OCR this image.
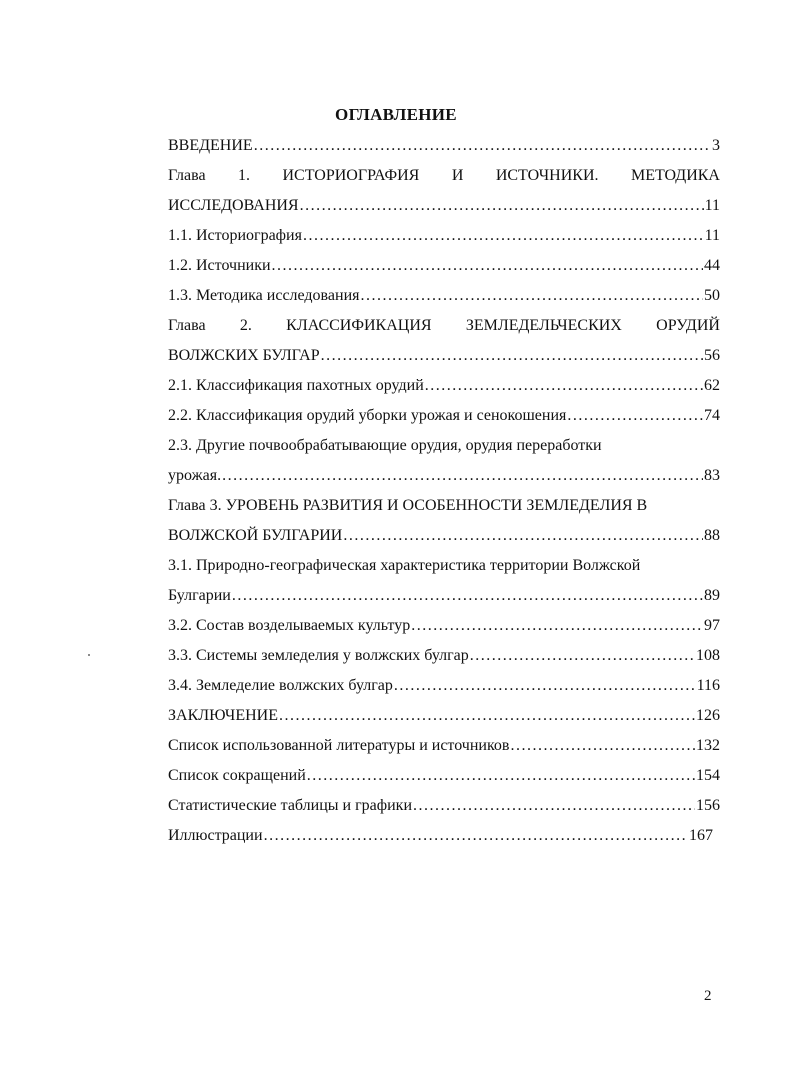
ОГЛАВЛЕНИЕ
ВВЕДЕНИЕ .....	3
Глава 1. ИСТОРИОГРАФИЯ И ИСТОЧНИКИ. МЕТОДИКА
ИССЛЕДОВАНИЯ .....	11
1.1. Историография .....	11
1.2. Источники .....	44
1.3. Методика исследования .....	50
Глава 2. КЛАССИФИКАЦИЯ ЗЕМЛЕДЕЛЬЧЕСКИХ ОРУДИЙ
ВОЛЖСКИХ БУЛГАР .....	56
2.1. Классификация пахотных орудий .....	62
2.2. Классификация орудий уборки урожая и сенокошения .....	74
2.3. Другие почвообрабатывающие орудия, орудия переработки
урожая. .....	83
Глава 3. УРОВЕНЬ РАЗВИТИЯ И ОСОБЕННОСТИ ЗЕМЛЕДЕЛИЯ В
ВОЛЖСКОЙ БУЛГАРИИ .....	88
3.1. Природно-географическая характеристика территории Волжской
Булгарии .....	89
3.2. Состав возделываемых культур .....	97
3.3. Системы земледелия у волжских булгар .....	108
3.4. Земледелие волжских булгар .....	116
ЗАКЛЮЧЕНИЕ .....	126
Список использованной литературы и источников .....	132
Список сокращений .....	154
Статистические таблицы и графики .....	156
Иллюстрации .....	167
2
